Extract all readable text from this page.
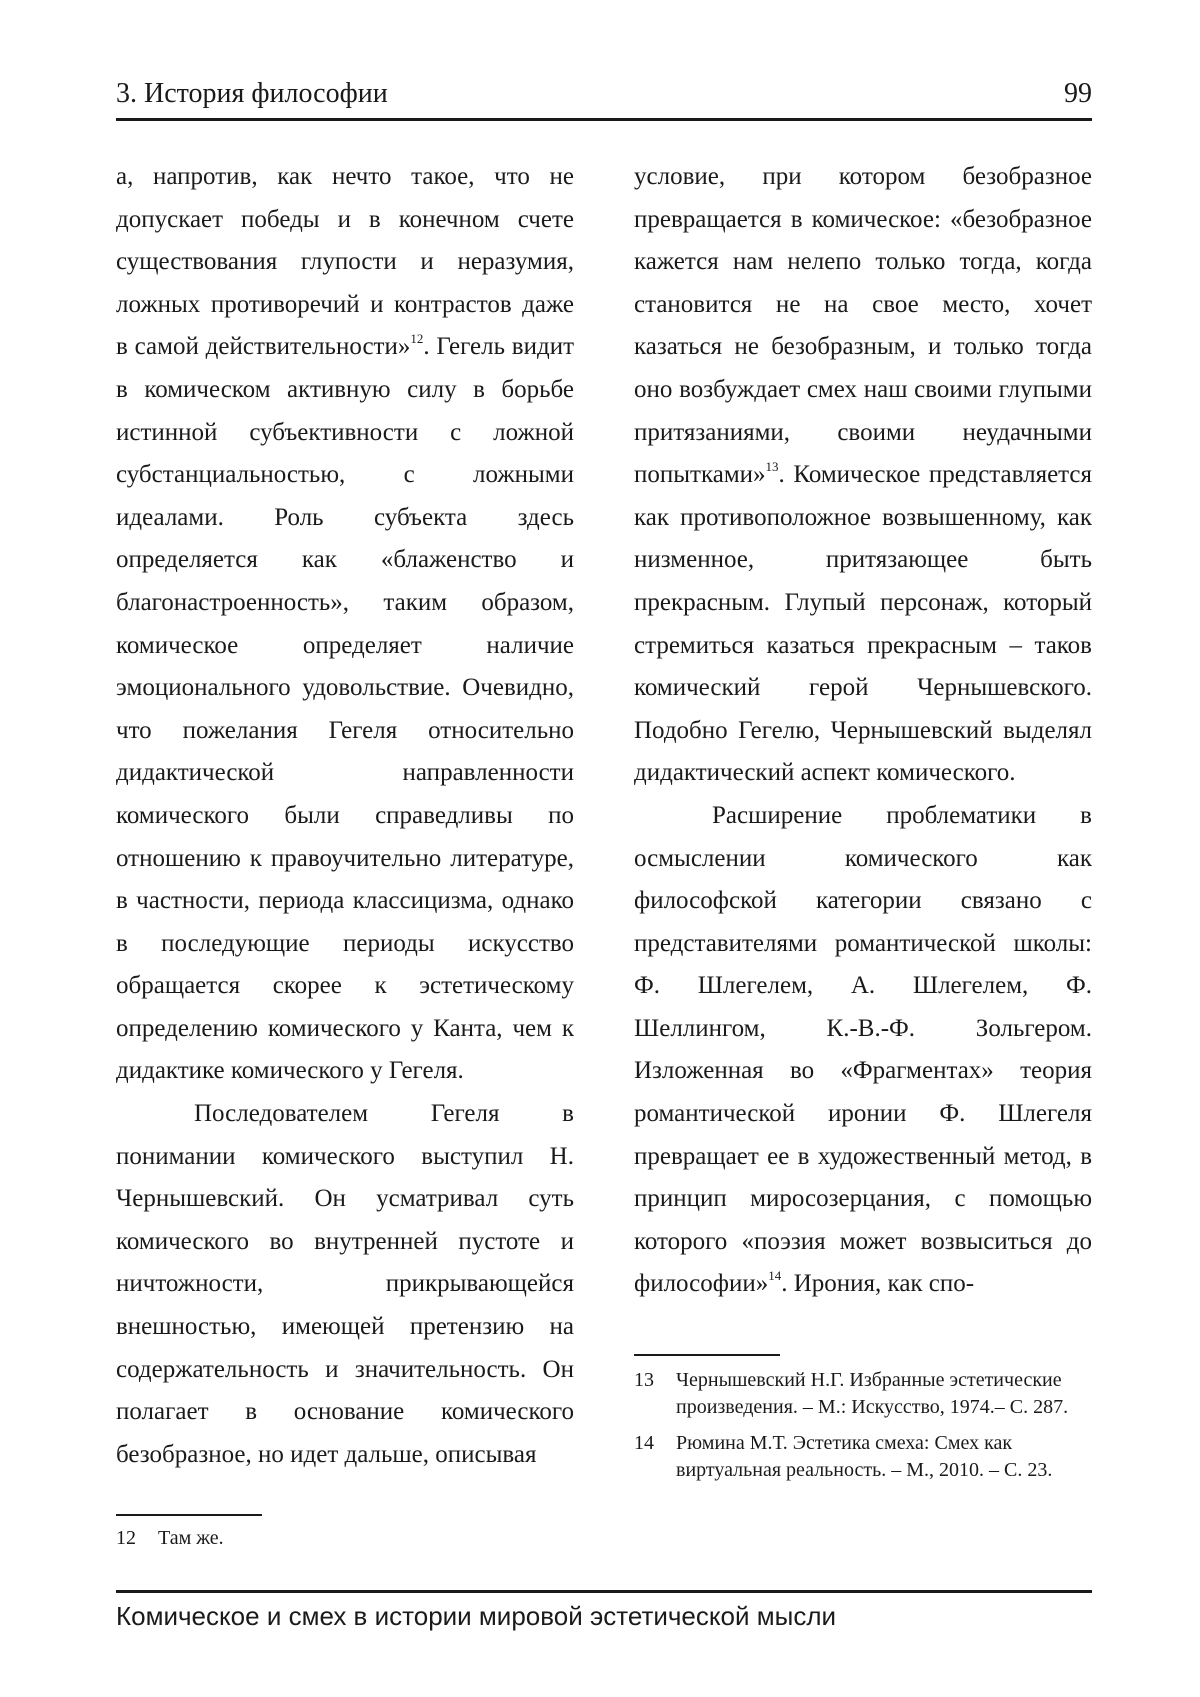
3. История философии	99

а, напротив, как нечто такое, что не допускает победы и в конечном счете существования глупости и неразумия, ложных противоречий и контрастов даже в самой действительности»$^{12}$. Гегель видит в комическом активную силу в борьбе истинной субъективности с ложной субстанциальностью, с ложными идеалами. Роль субъекта здесь определяется как «блаженство и благонастроенность», таким образом, комическое определяет наличие эмоционального удовольствие. Очевидно, что пожелания Гегеля относительно дидактической направленности комического были справедливы по отношению к правоучительно литературе, в частности, периода классицизма, однако в последующие периоды искусство обращается скорее к эстетическому определению комического у Канта, чем к дидактике комического у Гегеля.

Последователем Гегеля в понимании комического выступил Н. Чернышевский. Он усматривал суть комического во внутренней пустоте и ничтожности, прикрывающейся внешностью, имеющей претензию на содержательность и значительность. Он полагает в основание комического безобразное, но идет дальше, описывая

условие, при котором безобразное превращается в комическое: «безобразное кажется нам нелепо только тогда, когда становится не на свое место, хочет казаться не безобразным, и только тогда оно возбуждает смех наш своими глупыми притязаниями, своими неудачными попытками»$^{13}$. Комическое представляется как противоположное возвышенному, как низменное, притязающее быть прекрасным. Глупый персонаж, который стремиться казаться прекрасным – таков комический герой Чернышевского. Подобно Гегелю, Чернышевский выделял дидактический аспект комического.

Расширение проблематики в осмыслении комического как философской категории связано с представителями романтической школы: Ф. Шлегелем, А. Шлегелем, Ф. Шеллингом, К.-В.-Ф. Зольгером. Изложенная во «Фрагментах» теория романтической иронии Ф. Шлегеля превращает ее в художественный метод, в принцип миросозерцания, с помощью которого «поэзия может возвыситься до философии»$^{14}$. Ирония, как спо-

12 Там же.
13 Чернышевский Н.Г. Избранные эстетические произведения. – М.: Искусство, 1974.– С. 287.
14 Рюмина М.Т. Эстетика смеха: Смех как виртуальная реальность. – М., 2010. – С. 23.
Комическое и смех в истории мировой эстетической мысли
